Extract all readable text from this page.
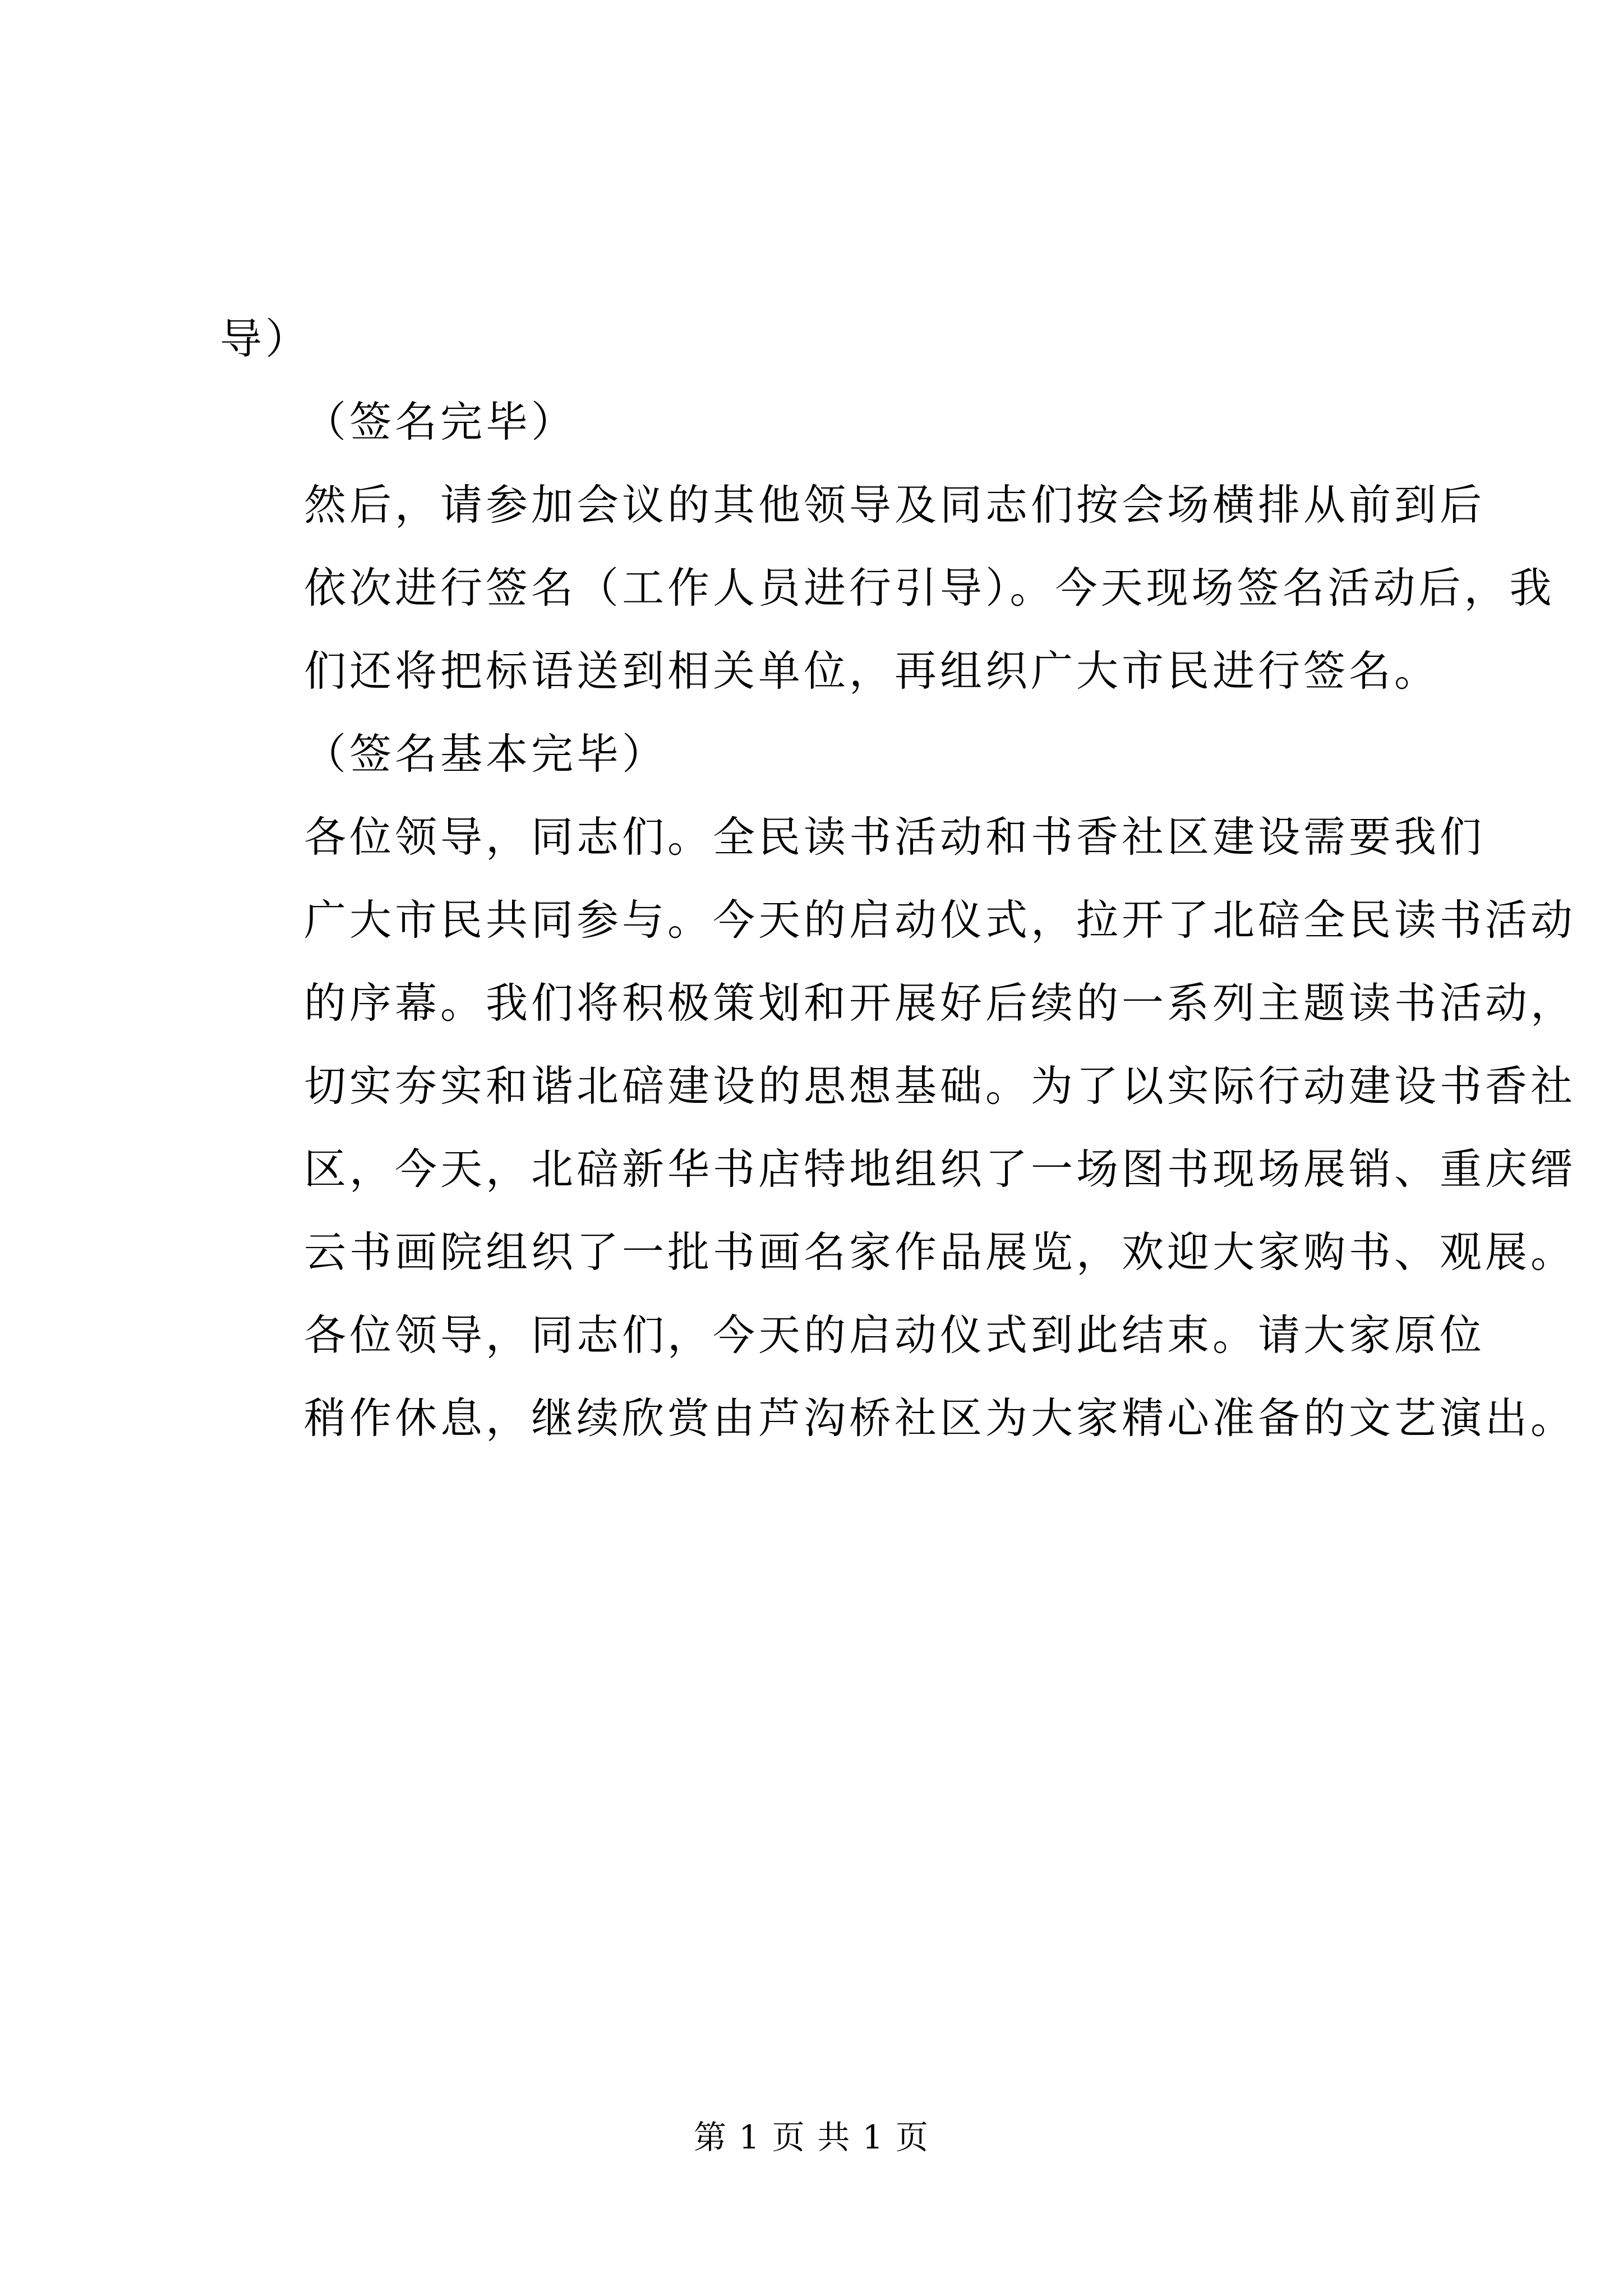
导）

（签名完毕）

然后，请参加会议的其他领导及同志们按会场横排从前到后
依次进行签名（工作人员进行引导）。今天现场签名活动后，我
们还将把标语送到相关单位，再组织广大市民进行签名。

（签名基本完毕）

各位领导，同志们。全民读书活动和书香社区建设需要我们
广大市民共同参与。今天的启动仪式，拉开了北碚全民读书活动
的序幕。我们将积极策划和开展好后续的一系列主题读书活动，
切实夯实和谐北碚建设的思想基础。为了以实际行动建设书香社
区，今天，北碚新华书店特地组织了一场图书现场展销、重庆缙
云书画院组织了一批书画名家作品展览，欢迎大家购书、观展。

各位领导，同志们，今天的启动仪式到此结束。请大家原位
稍作休息，继续欣赏由芦沟桥社区为大家精心准备的文艺演出。

第 1 页 共 1 页
